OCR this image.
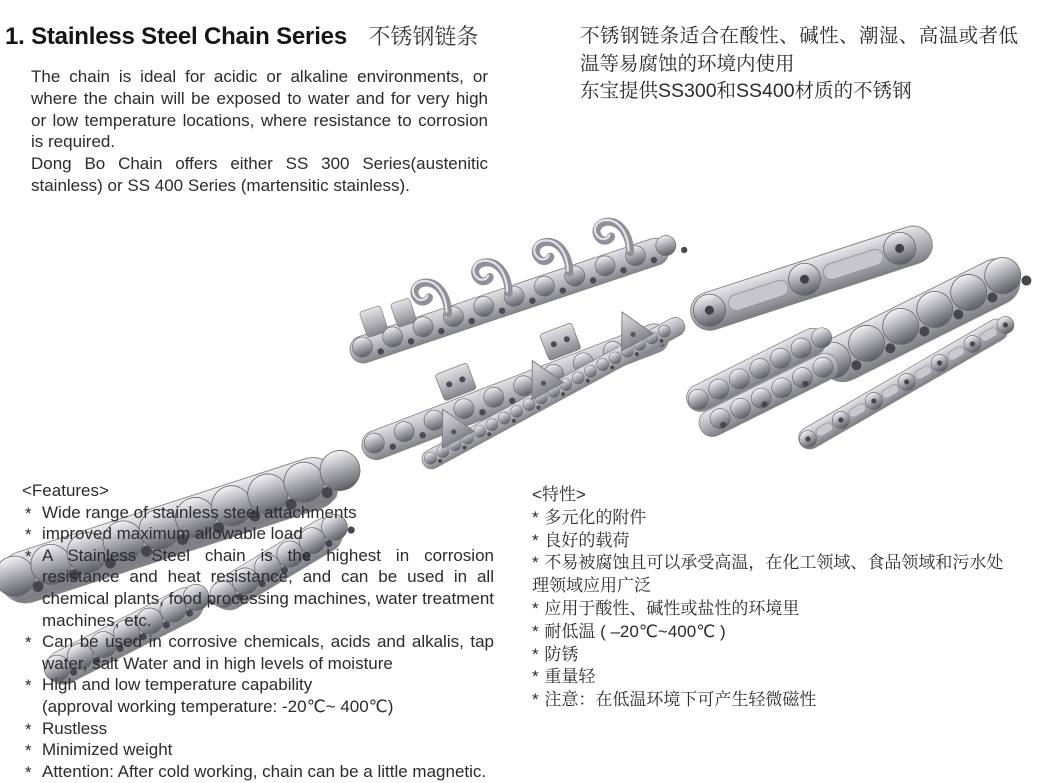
1. Stainless Steel Chain Series 不锈钢链条

The chain is ideal for acidic or alkaline environments, or where the chain will be exposed to water and for very high or low temperature locations, where resistance to corrosion is required.

Dong Bo Chain offers either SS 300 Series(austenitic stainless) or SS 400 Series (martensitic stainless).

不锈钢链条适合在酸性、碱性、潮湿、高温或者低温等易腐蚀的环境内使用

东宝提供SS300和SS400材质的不锈钢

<Features>
* Wide range of stainless steel attachments
* improved maximum allowable load
* A Stainless Steel chain is the highest in corrosion resistance and heat resistance, and can be used in all chemical plants, food processing machines, water treatment machines, etc.
* Can be used in corrosive chemicals, acids and alkalis, tap water, salt Water and in high levels of moisture
* High and low temperature capability
(approval working temperature: -20℃~ 400℃)
* Rustless
* Minimized weight
* Attention: After cold working, chain can be a little magnetic.
<特性>
* 多元化的附件
* 良好的载荷
* 不易被腐蚀且可以承受高温，在化工领域、食品领域和污水处理领域应用广泛
* 应用于酸性、碱性或盐性的环境里
* 耐低温 ( –20℃~400℃ )
* 防锈
* 重量轻
* 注意：在低温环境下可产生轻微磁性
